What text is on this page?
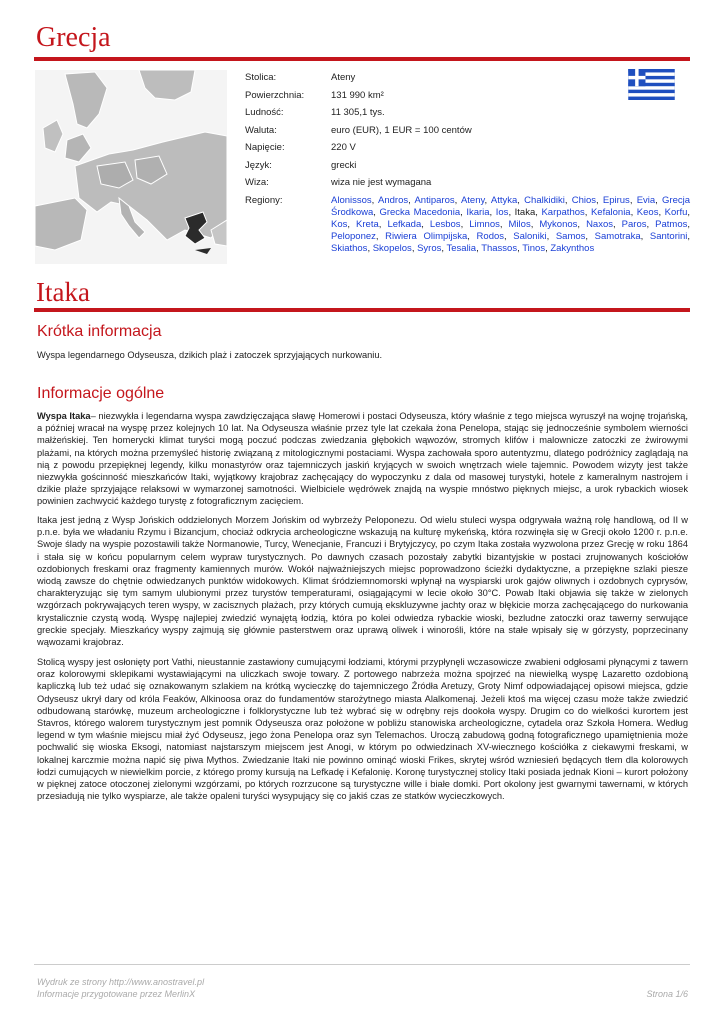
Grecja
Stolica:	Ateny
Powierzchnia:	131 990 km²
Ludność:	11 305,1 tys.
Waluta:	euro (EUR), 1 EUR = 100 centów
Napięcie:	220 V
Język:	grecki
Wiza:	wiza nie jest wymagana
Regiony:	Alonissos, Andros, Antiparos, Ateny, Attyka, Chalkidiki, Chios, Epirus, Evia, Grecja Środkowa, Grecka Macedonia, Ikaria, Ios, Itaka, Karpathos, Kefalonia, Keos, Korfu, Kos, Kreta, Lefkada, Lesbos, Limnos, Milos, Mykonos, Naxos, Paros, Patmos, Peloponez, Riwiera Olimpijska, Rodos, Saloniki, Samos, Samotraka, Santorini, Skiathos, Skopelos, Syros, Tesalia, Thassos, Tinos, Zakynthos
Itaka
Krótka informacja

Wyspa legendarnego Odyseusza, dzikich plaż i zatoczek sprzyjających nurkowaniu.

Informacje ogólne

Wyspa Itaka– niezwykła i legendarna wyspa zawdzięczająca sławę Homerowi i postaci Odyseusza, który właśnie z tego miejsca wyruszył na wojnę trojańską, a później wracał na wyspę przez kolejnych 10 lat. Na Odyseusza właśnie przez tyle lat czekała żona Penelopa, stając się jednocześnie symbolem wierności małżeńskiej. Ten homerycki klimat turyści mogą poczuć podczas zwiedzania głębokich wąwozów, stromych klifów i malownicze zatoczki ze żwirowymi plażami, na których można przemyśleć historię związaną z mitologicznymi postaciami. Wyspa zachowała sporo autentyzmu, dlatego podróżnicy zaglądają na nią z powodu przepięknej legendy, kilku monastyrów oraz tajemniczych jaskiń kryjących w swoich wnętrzach wiele tajemnic. Powodem wizyty jest także niezwykła gościnność mieszkańców Itaki, wyjątkowy krajobraz zachęcający do wypoczynku z dala od masowej turystyki, hotele z kameralnym nastrojem i dzikie plaże sprzyjające relaksowi w wymarzonej samotności. Wielbiciele wędrówek znajdą na wyspie mnóstwo pięknych miejsc, a urok rybackich wiosek powinien zachwycić każdego turystę z fotograficznym zacięciem.

Itaka jest jedną z Wysp Jońskich oddzielonych Morzem Jońskim od wybrzeży Peloponezu. Od wielu stuleci wyspa odgrywała ważną rolę handlową, od II w p.n.e. była we władaniu Rzymu i Bizancjum, chociaż odkrycia archeologiczne wskazują na kulturę mykeńską, która rozwinęła się w Grecji około 1200 r. p.n.e. Swoje ślady na wyspie pozostawili także Normanowie, Turcy, Wenecjanie, Francuzi i Brytyjczycy, po czym Itaka została wyzwolona przez Grecję w roku 1864 i stała się w końcu popularnym celem wypraw turystycznych. Po dawnych czasach pozostały zabytki bizantyjskie w postaci zrujnowanych kościołów ozdobionych freskami oraz fragmenty kamiennych murów. Wokół najważniejszych miejsc poprowadzono ścieżki dydaktyczne, a przepiękne szlaki piesze wiodą zawsze do chętnie odwiedzanych punktów widokowych. Klimat śródziemnomorski wpłynął na wyspiarski urok gajów oliwnych i ozdobnych cyprysów, charakteryzując się tym samym ulubionymi przez turystów temperaturami, osiągającymi w lecie około 30°C. Powab Itaki objawia się także w zielonych wzgórzach pokrywających teren wyspy, w zacisznych plażach, przy których cumują ekskluzywne jachty oraz w błękicie morza zachęcającego do nurkowania krystalicznie czystą wodą. Wyspę najlepiej zwiedzić wynajętą łodzią, która po kolei odwiedza rybackie wioski, bezludne zatoczki oraz tawerny serwujące greckie specjały. Mieszkańcy wyspy zajmują się głównie pasterstwem oraz uprawą oliwek i winorośli, które na stałe wpisały się w górzysty, poprzecinany wąwozami krajobraz.

Stolicą wyspy jest osłonięty port Vathi, nieustannie zastawiony cumującymi łodziami, którymi przypłynęli wczasowicze zwabieni odgłosami płynącymi z tawern oraz kolorowymi sklepikami wystawiającymi na uliczkach swoje towary. Z portowego nabrzeża można spojrzeć na niewielką wyspę Lazaretto ozdobioną kapliczką lub też udać się oznakowanym szlakiem na krótką wycieczkę do tajemniczego Źródła Aretuzy, Groty Nimf odpowiadającej opisowi miejsca, gdzie Odyseusz ukrył dary od króla Feaków, Alkinoosa oraz do fundamentów starożytnego miasta Alalkomenaj. Jeżeli ktoś ma więcej czasu może także zwiedzić odbudowaną starówkę, muzeum archeologiczne i folklorystyczne lub też wybrać się w odrębny rejs dookoła wyspy. Drugim co do wielkości kurortem jest Stavros, którego walorem turystycznym jest pomnik Odyseusza oraz położone w pobliżu stanowiska archeologiczne, cytadela oraz Szkoła Homera. Według legend w tym właśnie miejscu miał żyć Odyseusz, jego żona Penelopa oraz syn Telemachos. Uroczą zabudową godną fotograficznego upamiętnienia może pochwalić się wioska Eksogi, natomiast najstarszym miejscem jest Anogi, w którym po odwiedzinach XV-wiecznego kościółka z ciekawymi freskami, w lokalnej karczmie można napić się piwa Mythos. Zwiedzanie Itaki nie powinno ominąć wioski Frikes, skrytej wśród wzniesień będących tłem dla kolorowych łodzi cumujących w niewielkim porcie, z którego promy kursują na Lefkadę i Kefalonię. Koronę turystycznej stolicy Itaki posiada jednak Kioni – kurort położony w pięknej zatoce otoczonej zielonymi wzgórzami, po których rozrzucone są turystyczne wille i białe domki. Port okolony jest gwarnymi tawernami, w których przesiadują nie tylko wyspiarze, ale także opaleni turyści wysypujący się co jakiś czas ze statków wycieczkowych.

Wydruk ze strony http://www.anostravel.pl
Informacje przygotowane przez MerlinX	Strona 1/6
